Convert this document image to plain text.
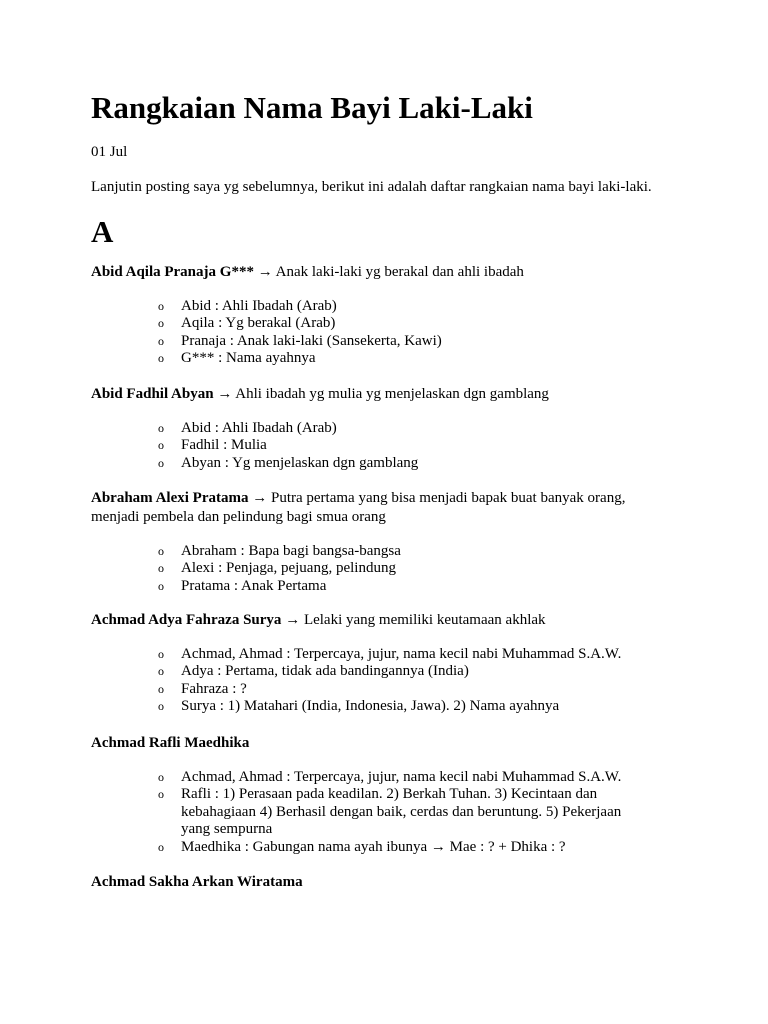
Rangkaian Nama Bayi Laki-Laki
01 Jul
Lanjutin posting saya yg sebelumnya, berikut ini adalah daftar rangkaian nama bayi laki-laki.
A
Abid Aqila Pranaja G*** → Anak laki-laki yg berakal dan ahli ibadah
o Abid : Ahli Ibadah (Arab)
o Aqila : Yg berakal (Arab)
o Pranaja : Anak laki-laki (Sansekerta, Kawi)
o G*** : Nama ayahnya
Abid Fadhil Abyan → Ahli ibadah yg mulia yg menjelaskan dgn gamblang
o Abid : Ahli Ibadah (Arab)
o Fadhil : Mulia
o Abyan : Yg menjelaskan dgn gamblang
Abraham Alexi Pratama → Putra pertama yang bisa menjadi bapak buat banyak orang, menjadi pembela dan pelindung bagi smua orang
o Abraham : Bapa bagi bangsa-bangsa
o Alexi : Penjaga, pejuang, pelindung
o Pratama : Anak Pertama
Achmad Adya Fahraza Surya → Lelaki yang memiliki keutamaan akhlak
o Achmad, Ahmad : Terpercaya, jujur, nama kecil nabi Muhammad S.A.W.
o Adya : Pertama, tidak ada bandingannya (India)
o Fahraza : ?
o Surya : 1) Matahari (India, Indonesia, Jawa). 2) Nama ayahnya
Achmad Rafli Maedhika
o Achmad, Ahmad : Terpercaya, jujur, nama kecil nabi Muhammad S.A.W.
o Rafli : 1) Perasaan pada keadilan. 2) Berkah Tuhan. 3) Kecintaan dan kebahagiaan 4) Berhasil dengan baik, cerdas dan beruntung. 5) Pekerjaan yang sempurna
o Maedhika : Gabungan nama ayah ibunya → Mae : ? + Dhika : ?
Achmad Sakha Arkan Wiratama
